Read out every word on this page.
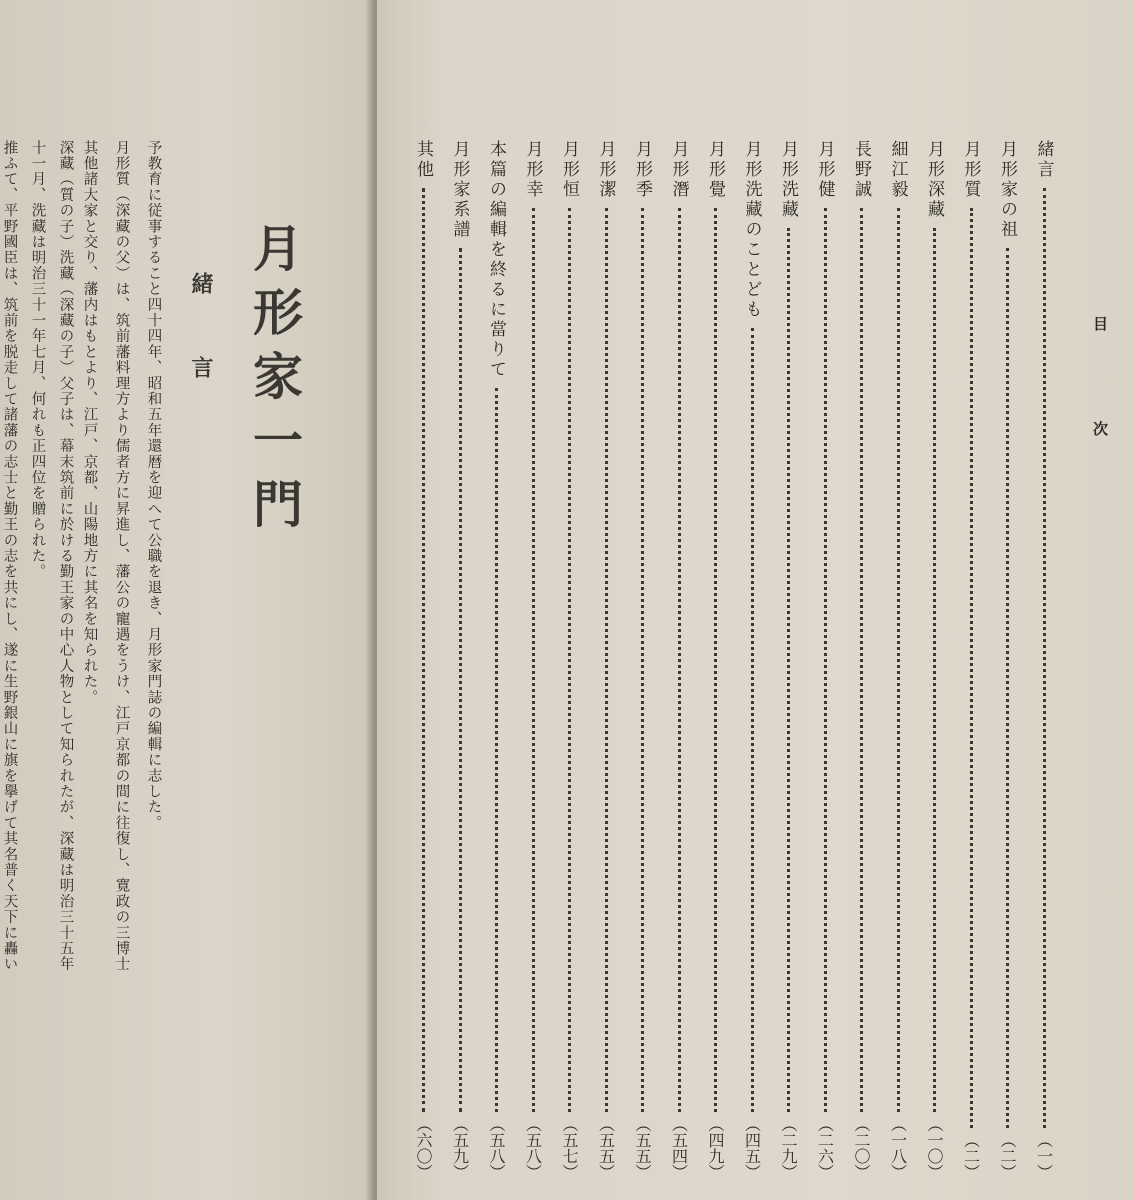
月形家一門
緒言

予教育に従事すること四十四年、昭和五年還暦を迎へて公職を退き、月形家門誌の編輯に志した。

月形質（深藏の父）は、筑前藩料理方より儒者方に昇進し、藩公の寵遇をうけ、江戸京都の間に往復し、寛政の三博士

其他諸大家と交り、藩内はもとより、江戸、京都、山陽地方に其名を知られた。

深藏（質の子）洗藏（深藏の子）父子は、幕末筑前に於ける勤王家の中心人物として知られたが、深藏は明治三十五年

十一月、洗藏は明治三十一年七月、何れも正四位を贈られた。

推ふて、平野國臣は、筑前を脱走して諸藩の志士と勤王の志を共にし、遂に生野銀山に旗を擧げて其名普く天下に轟い	緒言
（一）
月形家の祖
（二）
月形質
（二）
月形深藏
（一〇）
細江毅
（一八）
長野誠
（二〇）
月形健
（二六）
月形洗藏
（二九）
月形洗藏のことども
（四五）
月形覺
（四九）
月形潛
（五四）
月形季
（五五）
月形潔
（五五）
月形恒
（五七）
月形幸
（五八）
本篇の編輯を終るに當りて
（五八）
月形家系譜
（五九）
其他
（六〇）
目次
